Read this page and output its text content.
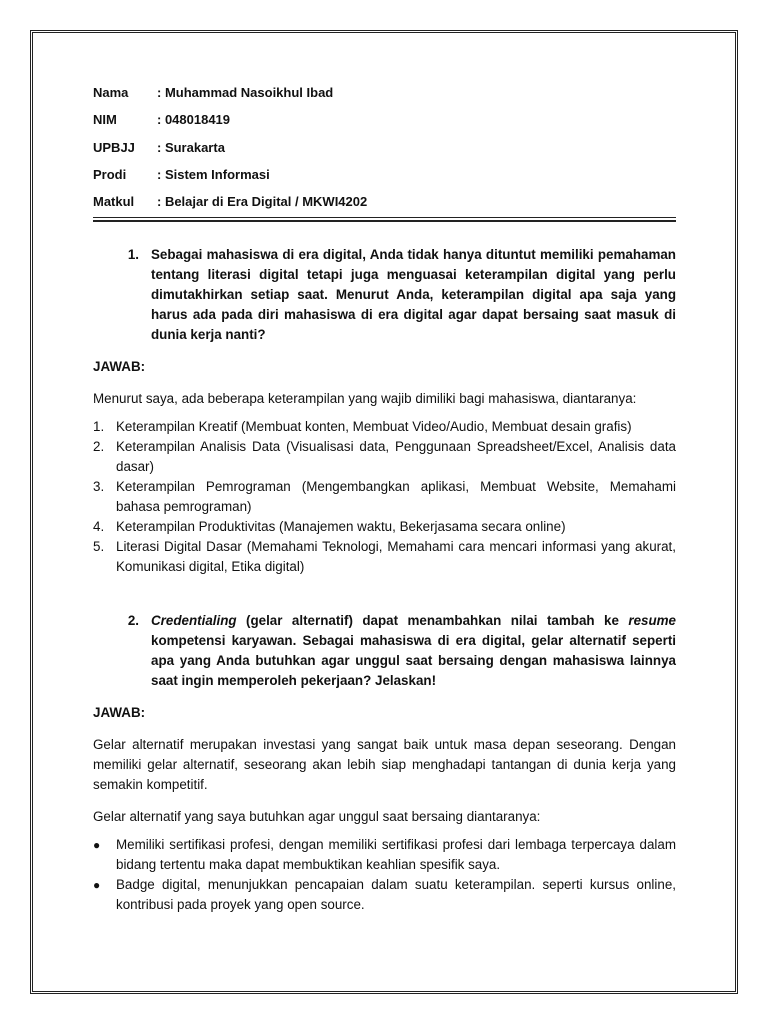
Nama	: Muhammad Nasoikhul Ibad
NIM	: 048018419
UPBJJ	: Surakarta
Prodi	: Sistem Informasi
Matkul	: Belajar di Era Digital / MKWI4202
1. Sebagai mahasiswa di era digital, Anda tidak hanya dituntut memiliki pemahaman tentang literasi digital tetapi juga menguasai keterampilan digital yang perlu dimutakhirkan setiap saat. Menurut Anda, keterampilan digital apa saja yang harus ada pada diri mahasiswa di era digital agar dapat bersaing saat masuk di dunia kerja nanti?
JAWAB:
Menurut saya, ada beberapa keterampilan yang wajib dimiliki bagi mahasiswa, diantaranya:
1. Keterampilan Kreatif (Membuat konten, Membuat Video/Audio, Membuat desain grafis)
2. Keterampilan Analisis Data (Visualisasi data, Penggunaan Spreadsheet/Excel, Analisis data dasar)
3. Keterampilan Pemrograman (Mengembangkan aplikasi, Membuat Website, Memahami bahasa pemrograman)
4. Keterampilan Produktivitas (Manajemen waktu, Bekerjasama secara online)
5. Literasi Digital Dasar (Memahami Teknologi, Memahami cara mencari informasi yang akurat, Komunikasi digital, Etika digital)
2. Credentialing (gelar alternatif) dapat menambahkan nilai tambah ke resume kompetensi karyawan. Sebagai mahasiswa di era digital, gelar alternatif seperti apa yang Anda butuhkan agar unggul saat bersaing dengan mahasiswa lainnya saat ingin memperoleh pekerjaan? Jelaskan!
JAWAB:
Gelar alternatif merupakan investasi yang sangat baik untuk masa depan seseorang. Dengan memiliki gelar alternatif, seseorang akan lebih siap menghadapi tantangan di dunia kerja yang semakin kompetitif.
Gelar alternatif yang saya butuhkan agar unggul saat bersaing diantaranya:
●	Memiliki sertifikasi profesi, dengan memiliki sertifikasi profesi dari lembaga terpercaya dalam bidang tertentu maka dapat membuktikan keahlian spesifik saya.
●	Badge digital, menunjukkan pencapaian dalam suatu keterampilan. seperti kursus online, kontribusi pada proyek yang open source.
